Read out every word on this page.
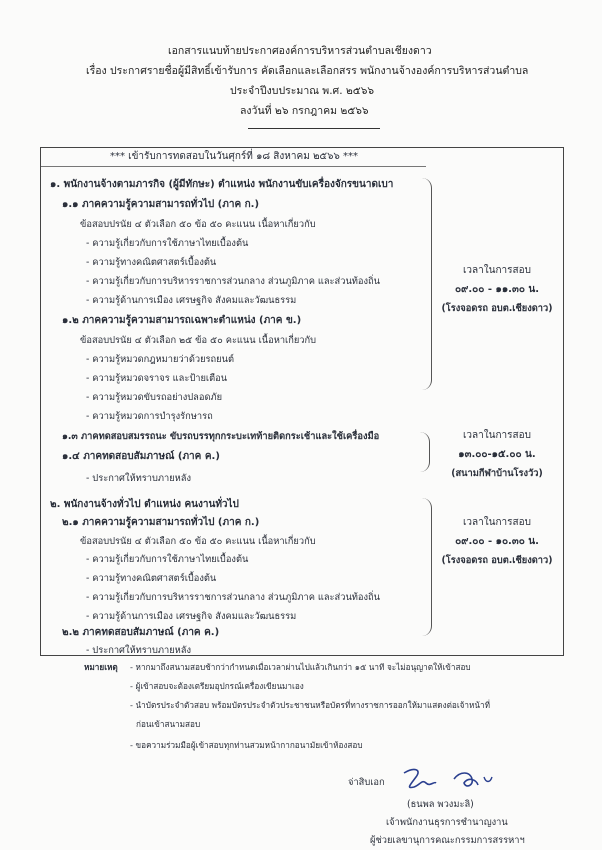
เอกสารแนบท้ายประกาศองค์การบริหารส่วนตำบลเชียงดาว
เรื่อง ประกาศรายชื่อผู้มีสิทธิ์เข้ารับการ คัดเลือกและเลือกสรร พนักงานจ้างองค์การบริหารส่วนตำบล
ประจำปีงบประมาณ พ.ศ. ๒๕๖๖
ลงวันที่ ๒๖ กรกฎาคม ๒๕๖๖
*** เข้ารับการทดสอบในวันศุกร์ที่ ๑๘ สิงหาคม ๒๕๖๖ ***
๑. พนักงานจ้างตามภารกิจ (ผู้มีทักษะ) ตำแหน่ง พนักงานขับเครื่องจักรขนาดเบา
๑.๑ ภาคความรู้ความสามารถทั่วไป (ภาค ก.)
ข้อสอบปรนัย ๔ ตัวเลือก ๕๐ ข้อ ๕๐ คะแนน เนื้อหาเกี่ยวกับ
- ความรู้เกี่ยวกับการใช้ภาษาไทยเบื้องต้น
- ความรู้ทางคณิตศาสตร์เบื้องต้น
- ความรู้เกี่ยวกับการบริหารราชการส่วนกลาง ส่วนภูมิภาค และส่วนท้องถิ่น
- ความรู้ด้านการเมือง เศรษฐกิจ สังคมและวัฒนธรรม
๑.๒ ภาคความรู้ความสามารถเฉพาะตำแหน่ง (ภาค ข.)
ข้อสอบปรนัย ๔ ตัวเลือก ๒๕ ข้อ ๕๐ คะแนน เนื้อหาเกี่ยวกับ
- ความรู้หมวดกฎหมายว่าด้วยรถยนต์
- ความรู้หมวดจราจร และป้ายเตือน
- ความรู้หมวดขับรถอย่างปลอดภัย
- ความรู้หมวดการบำรุงรักษารถ
๑.๓ ภาคทดสอบสมรรถนะ ขับรถบรรทุกกระบะเทท้ายติดกระเช้าและใช้เครื่องมือ
๑.๔ ภาคทดสอบสัมภาษณ์ (ภาค ค.)
- ประกาศให้ทราบภายหลัง
๒. พนักงานจ้างทั่วไป ตำแหน่ง คนงานทั่วไป
๒.๑ ภาคความรู้ความสามารถทั่วไป (ภาค ก.)
ข้อสอบปรนัย ๔ ตัวเลือก ๕๐ ข้อ ๕๐ คะแนน เนื้อหาเกี่ยวกับ
- ความรู้เกี่ยวกับการใช้ภาษาไทยเบื้องต้น
- ความรู้ทางคณิตศาสตร์เบื้องต้น
- ความรู้เกี่ยวกับการบริหารราชการส่วนกลาง ส่วนภูมิภาค และส่วนท้องถิ่น
- ความรู้ด้านการเมือง เศรษฐกิจ สังคมและวัฒนธรรม
๒.๒ ภาคทดสอบสัมภาษณ์ (ภาค ค.)
- ประกาศให้ทราบภายหลัง
เวลาในการสอบ
๐๙.๐๐ - ๑๑.๓๐ น.
(โรงจอดรถ อบต.เชียงดาว)
เวลาในการสอบ
๑๓.๐๐-๑๕.๐๐ น.
(สนามกีฬาบ้านโรงวัว)
เวลาในการสอบ
๐๙.๐๐ - ๑๐.๓๐ น.
(โรงจอดรถ อบต.เชียงดาว)
หมายเหตุ - หากมาถึงสนามสอบช้ากว่ากำหนดเมื่อเวลาผ่านไปแล้วเกินกว่า ๑๕ นาที จะไม่อนุญาตให้เข้าสอบ
- ผู้เข้าสอบจะต้องเตรียมอุปกรณ์เครื่องเขียนมาเอง
- นำบัตรประจำตัวสอบ พร้อมบัตรประจำตัวประชาชนหรือบัตรที่ทางราชการออกให้มาแสดงต่อเจ้าหน้าที่
ก่อนเข้าสนามสอบ
- ขอความร่วมมือผู้เข้าสอบทุกท่านสวมหน้ากากอนามัยเข้าห้องสอบ
จ่าสิบเอก
(ธนพล พวงมะลิ)
เจ้าพนักงานธุรการชำนาญงาน
ผู้ช่วยเลขานุการคณะกรรมการสรรหาฯ
